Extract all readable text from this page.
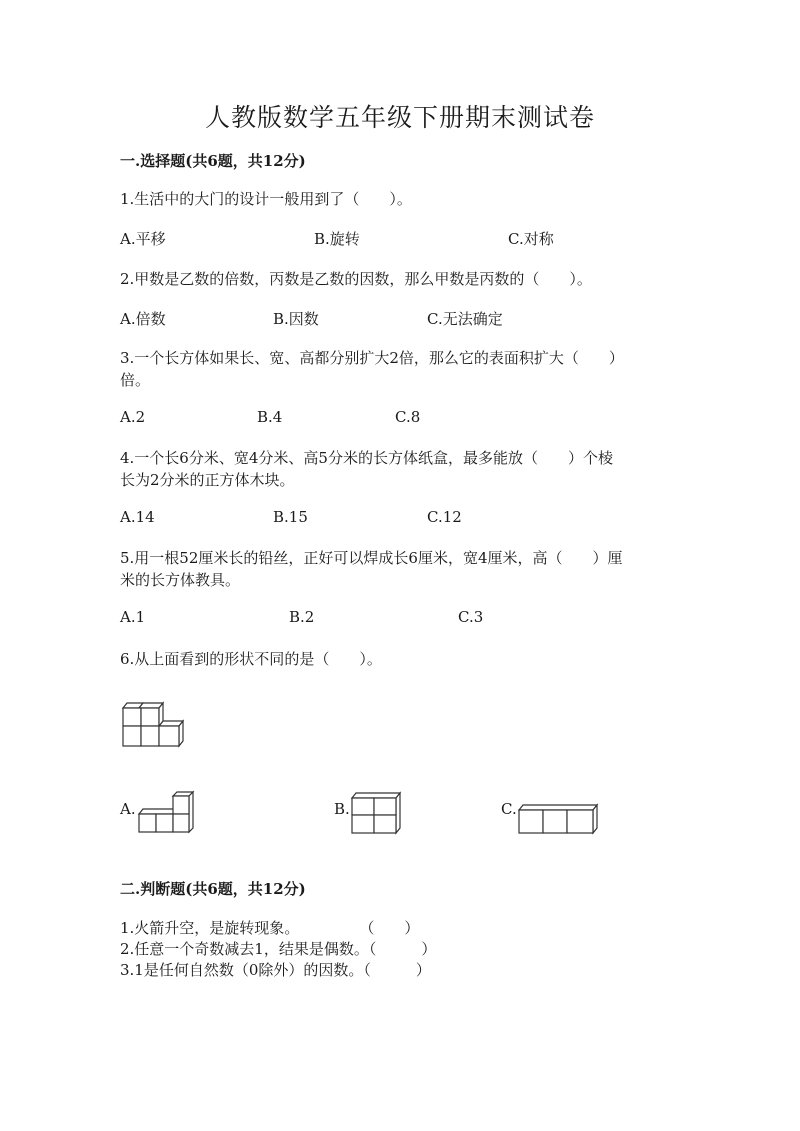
人教版数学五年级下册期末测试卷
一.选择题(共6题，共12分)
1.生活中的大门的设计一般用到了（　　）。
A.平移	B.旋转	C.对称
2.甲数是乙数的倍数，丙数是乙数的因数，那么甲数是丙数的（　　）。
A.倍数	B.因数	C.无法确定
3.一个长方体如果长、宽、高都分别扩大2倍，那么它的表面积扩大（　　）
倍。
A.2	B.4	C.8
4.一个长6分米、宽4分米、高5分米的长方体纸盒，最多能放（　　）个棱
长为2分米的正方体木块。
A.14	B.15	C.12
5.用一根52厘米长的铅丝，正好可以焊成长6厘米，宽4厘米，高（　　）厘
米的长方体教具。
A.1	B.2	C.3
6.从上面看到的形状不同的是（　　）。
A.	B.	C.
二.判断题(共6题，共12分)
1.火箭升空，是旋转现象。　　　　　（　　）
2.任意一个奇数减去1，结果是偶数。（　　　）
3.1是任何自然数（0除外）的因数。（　　　）
